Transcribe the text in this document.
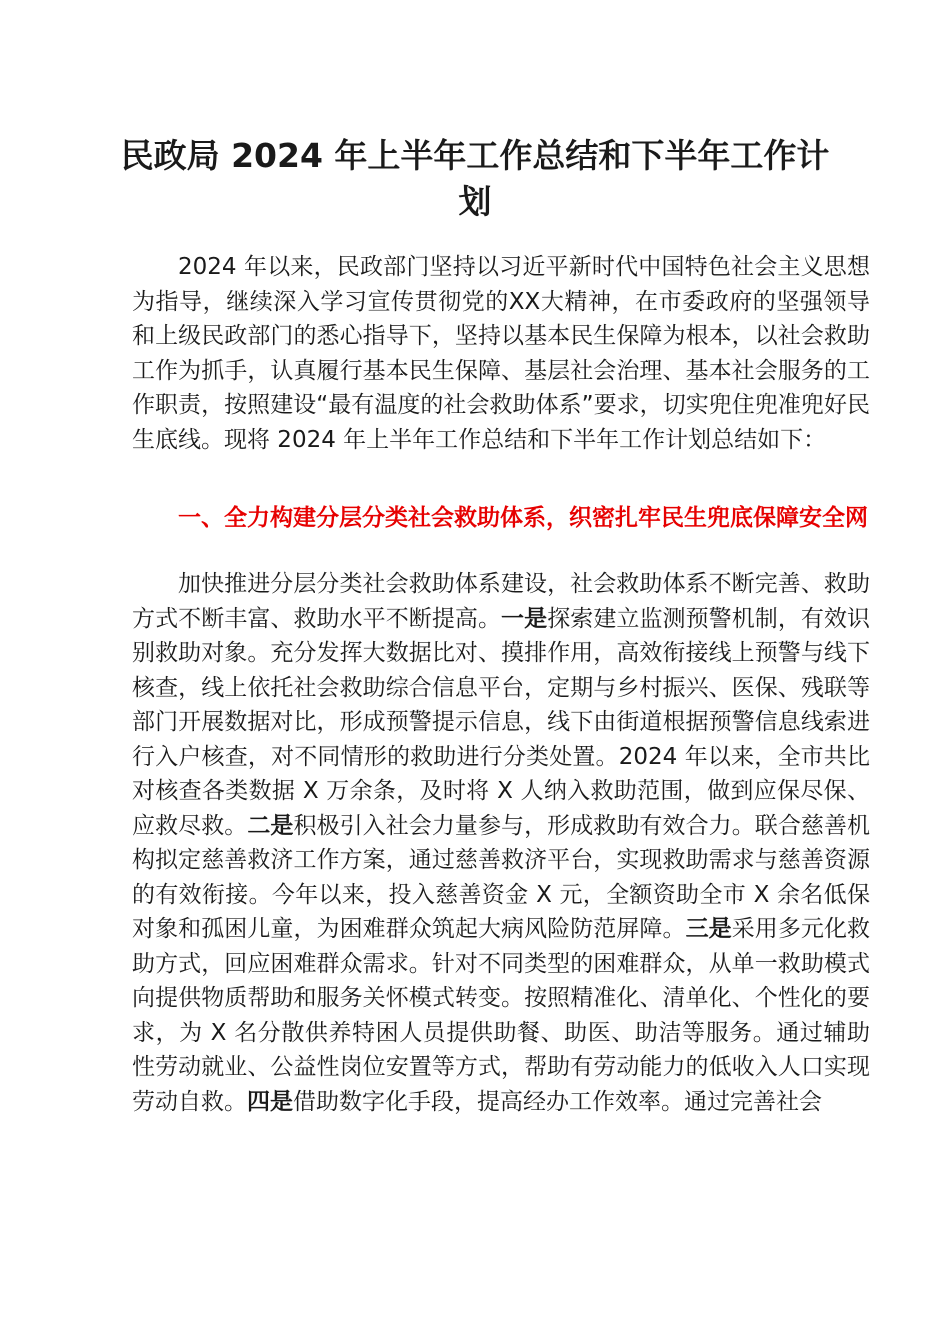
民政局 2024 年上半年工作总结和下半年工作计划

2024 年以来，民政部门坚持以习近平新时代中国特色社会主义思想为指导，继续深入学习宣传贯彻党的XX大精神，在市委政府的坚强领导和上级民政部门的悉心指导下，坚持以基本民生保障为根本，以社会救助工作为抓手，认真履行基本民生保障、基层社会治理、基本社会服务的工作职责，按照建设“最有温度的社会救助体系”要求，切实兜住兜准兜好民生底线。现将 2024 年上半年工作总结和下半年工作计划总结如下：

一、全力构建分层分类社会救助体系，织密扎牢民生兜底保障安全网

加快推进分层分类社会救助体系建设，社会救助体系不断完善、救助方式不断丰富、救助水平不断提高。一是探索建立监测预警机制，有效识别救助对象。充分发挥大数据比对、摸排作用，高效衔接线上预警与线下核查，线上依托社会救助综合信息平台，定期与乡村振兴、医保、残联等部门开展数据对比，形成预警提示信息，线下由街道根据预警信息线索进行入户核查，对不同情形的救助进行分类处置。2024 年以来，全市共比对核查各类数据 X 万余条，及时将 X 人纳入救助范围，做到应保尽保、应救尽救。二是积极引入社会力量参与，形成救助有效合力。联合慈善机构拟定慈善救济工作方案，通过慈善救济平台，实现救助需求与慈善资源的有效衔接。今年以来，投入慈善资金 X 元，全额资助全市 X 余名低保对象和孤困儿童，为困难群众筑起大病风险防范屏障。三是采用多元化救助方式，回应困难群众需求。针对不同类型的困难群众，从单一救助模式向提供物质帮助和服务关怀模式转变。按照精准化、清单化、个性化的要求，为 X 名分散供养特困人员提供助餐、助医、助洁等服务。通过辅助性劳动就业、公益性岗位安置等方式，帮助有劳动能力的低收入人口实现劳动自救。四是借助数字化手段，提高经办工作效率。通过完善社会
